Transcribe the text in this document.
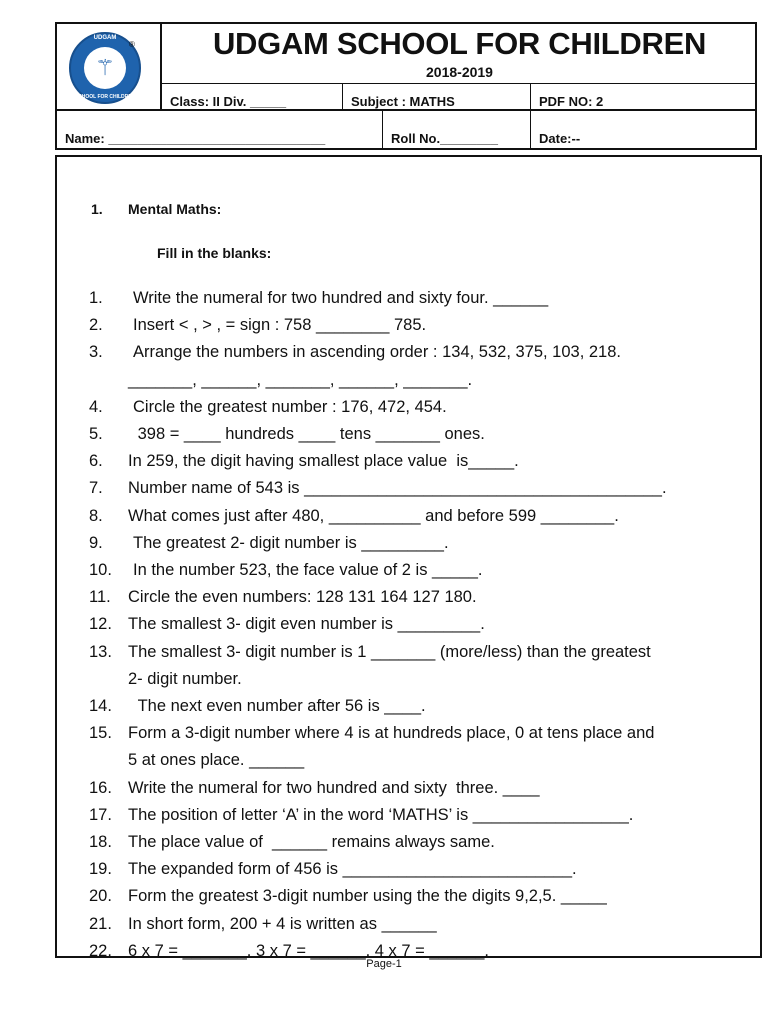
UDGAM
⚚
SCHOOL FOR CHILDREN
®	UDGAM SCHOOL FOR CHILDREN
2018-2019
Class: II Div. _____	Subject : MATHS	PDF NO: 2
Name: ______________________________	Roll No.________	Date:--
1. Mental Maths:
Fill in the blanks:
1.	Write the numeral for two hundred and sixty four. ______
2.	Insert < , > , = sign : 758 ________ 785.
3.	Arrange the numbers in ascending order : 134, 532, 375, 103, 218.
_______, ______, _______, ______, _______.
4.	Circle the greatest number : 176, 472, 454.
5.	398 = ____ hundreds ____ tens _______ ones.
6.	In 259, the digit having smallest place value  is_____.
7.	Number name of 543 is _______________________________________.
8.	What comes just after 480, __________ and before 599 ________.
9.	The greatest 2- digit number is _________.
10.	In the number 523, the face value of 2 is _____.
11.	Circle the even numbers: 128 131 164 127 180.
12. The smallest 3- digit even number is _________.
13. The smallest 3- digit number is 1 _______ (more/less) than the greatest
2- digit number.
14.	The next even number after 56 is ____.
15. Form a 3-digit number where 4 is at hundreds place, 0 at tens place and
5 at ones place. ______
16. Write the numeral for two hundred and sixty  three. ____
17. The position of letter ‘A’ in the word ‘MATHS’ is _________________.
18. The place value of  ______ remains always same.
19. The expanded form of 456 is _________________________.
20. Form the greatest 3-digit number using the the digits 9,2,5. _____
21. In short form, 200 + 4 is written as ______
22. 6 x 7 = _______. 3 x 7 = ______. 4 x 7 = ______.
Page-1
